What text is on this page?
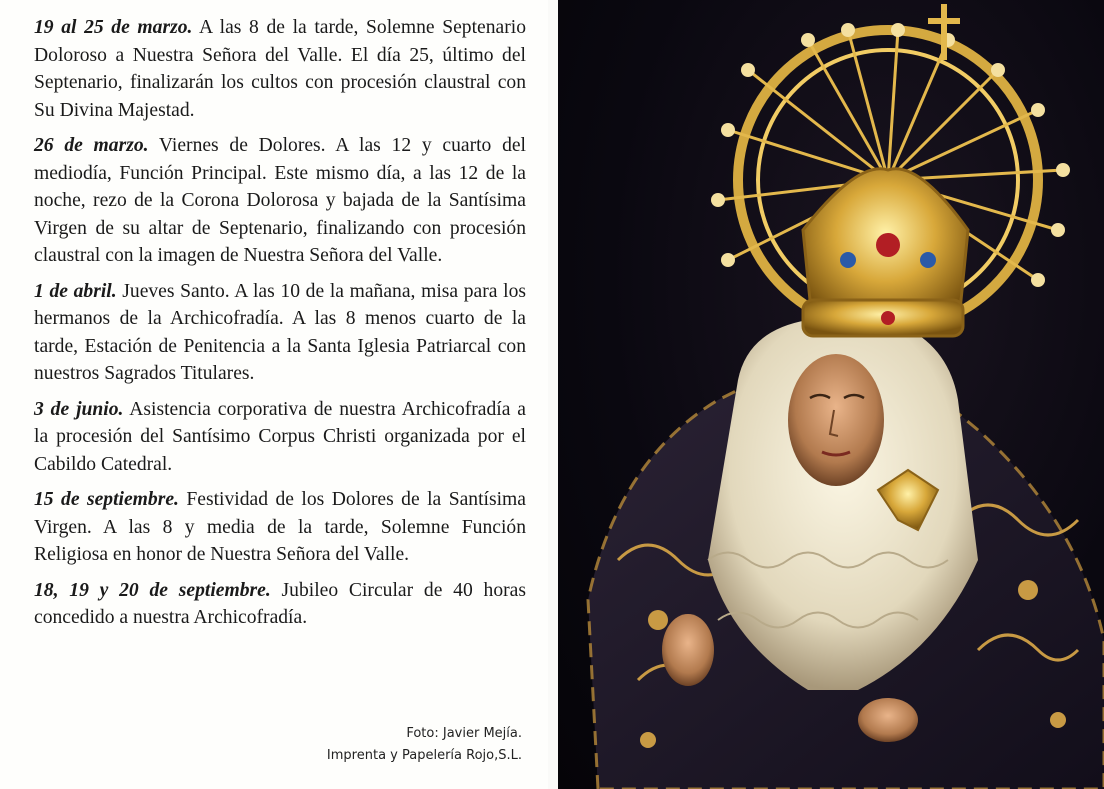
19 al 25 de marzo. A las 8 de la tarde, Solemne Septenario Doloroso a Nuestra Señora del Valle. El día 25, último del Septenario, finalizarán los cultos con procesión claustral con Su Divina Majestad.

26 de marzo. Viernes de Dolores. A las 12 y cuarto del mediodía, Función Principal. Este mismo día, a las 12 de la noche, rezo de la Corona Dolorosa y bajada de la Santísima Virgen de su altar de Septenario, finalizando con procesión claustral con la imagen de Nuestra Señora del Valle.

1 de abril. Jueves Santo. A las 10 de la mañana, misa para los hermanos de la Archicofradía. A las 8 menos cuarto de la tarde, Estación de Penitencia a la Santa Iglesia Patriarcal con nuestros Sagrados Titulares.

3 de junio. Asistencia corporativa de nuestra Archicofradía a la procesión del Santísimo Corpus Christi organizada por el Cabildo Catedral.

15 de septiembre. Festividad de los Dolores de la Santísima Virgen. A las 8 y media de la tarde, Solemne Función Religiosa en honor de Nuestra Señora del Valle.

18, 19 y 20 de septiembre. Jubileo Circular de 40 horas concedido a nuestra Archicofradía.

Foto: Javier Mejía.
Imprenta y Papelería Rojo,S.L.
